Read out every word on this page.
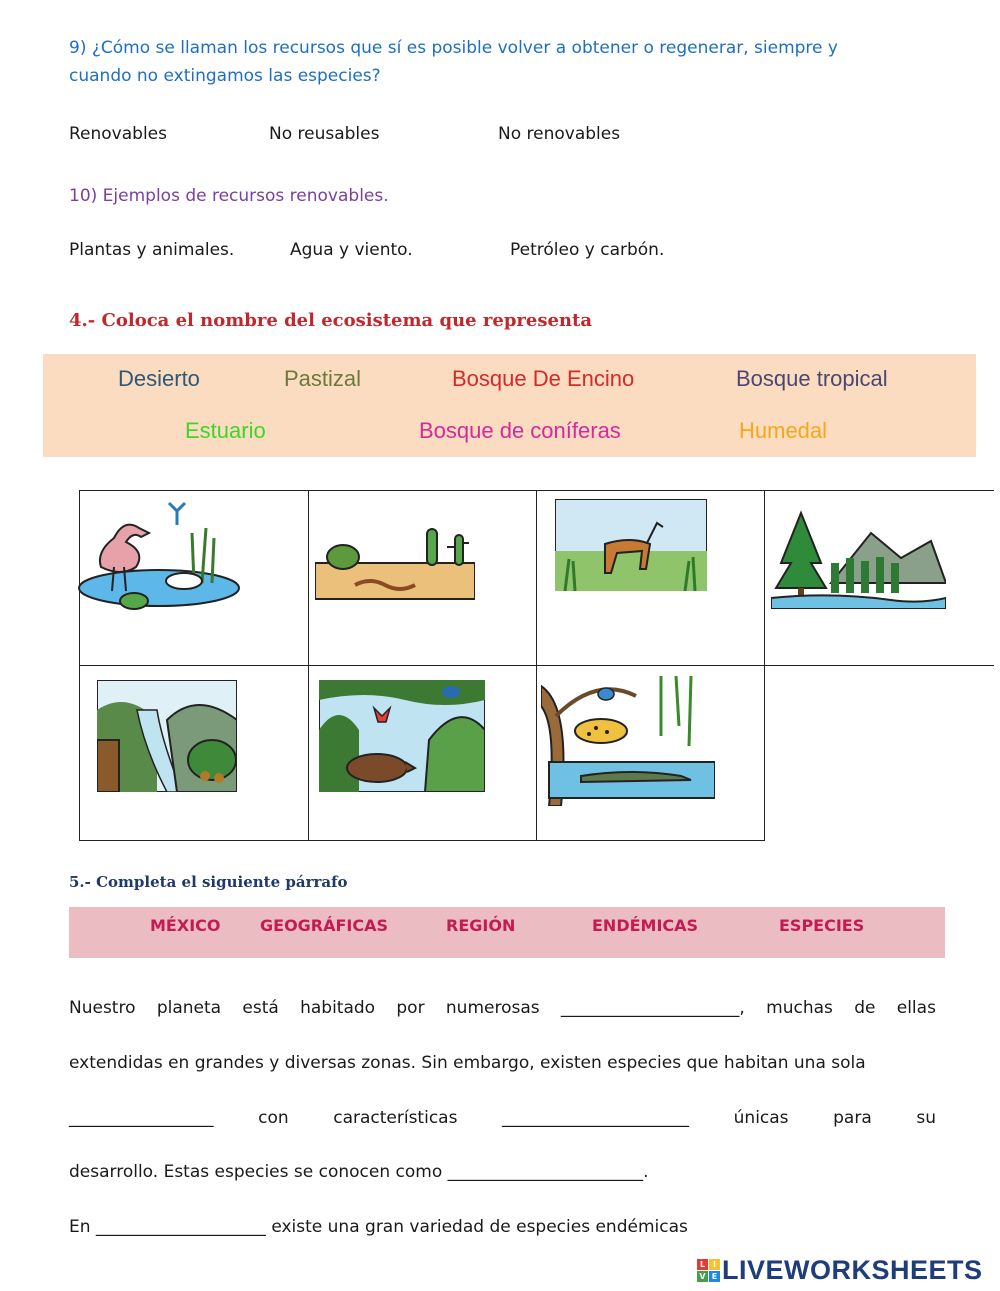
9) ¿Cómo se llaman los recursos que sí es posible volver a obtener o regenerar, siempre y
cuando no extingamos las especies?
Renovables	No reusables	No renovables
10) Ejemplos de recursos renovables.
Plantas y animales.	Agua y viento.	Petróleo y carbón.
4.- Coloca el nombre del ecosistema que representa
Desierto	Pastizal	Bosque De Encino	Bosque tropical
Estuario	Bosque de coníferas	Humedal
5.- Completa el siguiente párrafo
MÉXICO GEOGRÁFICAS	REGIÓN	ENDÉMICAS	ESPECIES
Nuestro planeta está habitado por numerosas _____________________, muchas de ellas
extendidas en grandes y diversas zonas. Sin embargo, existen especies que habitan una sola
_________________	con	características	______________________	únicas	para	su
desarrollo. Estas especies se conocen como _______________________.
En ____________________ existe una gran variedad de especies endémicas
L I
V E LIVEWORKSHEETS
